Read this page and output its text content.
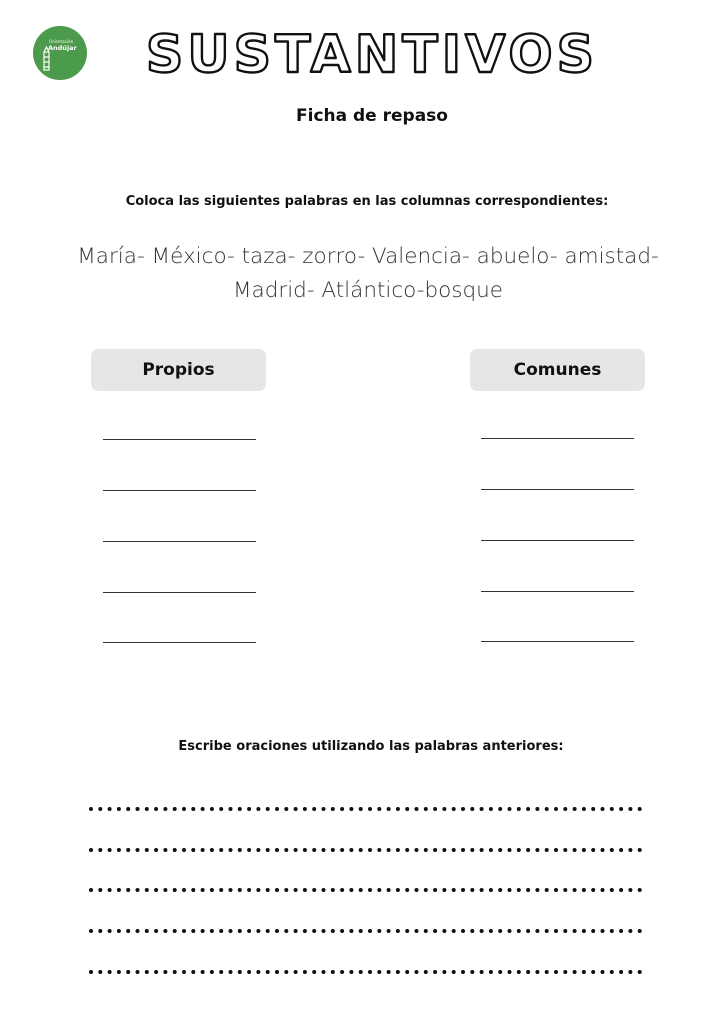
Orientación
Andújar SUSTANTIVOS
Ficha de repaso
Coloca las siguientes palabras en las columnas correspondientes:
María- México- taza- zorro- Valencia- abuelo- amistad-
Madrid- Atlántico-bosque
Propios	Comunes
Escribe oraciones utilizando las palabras anteriores:
